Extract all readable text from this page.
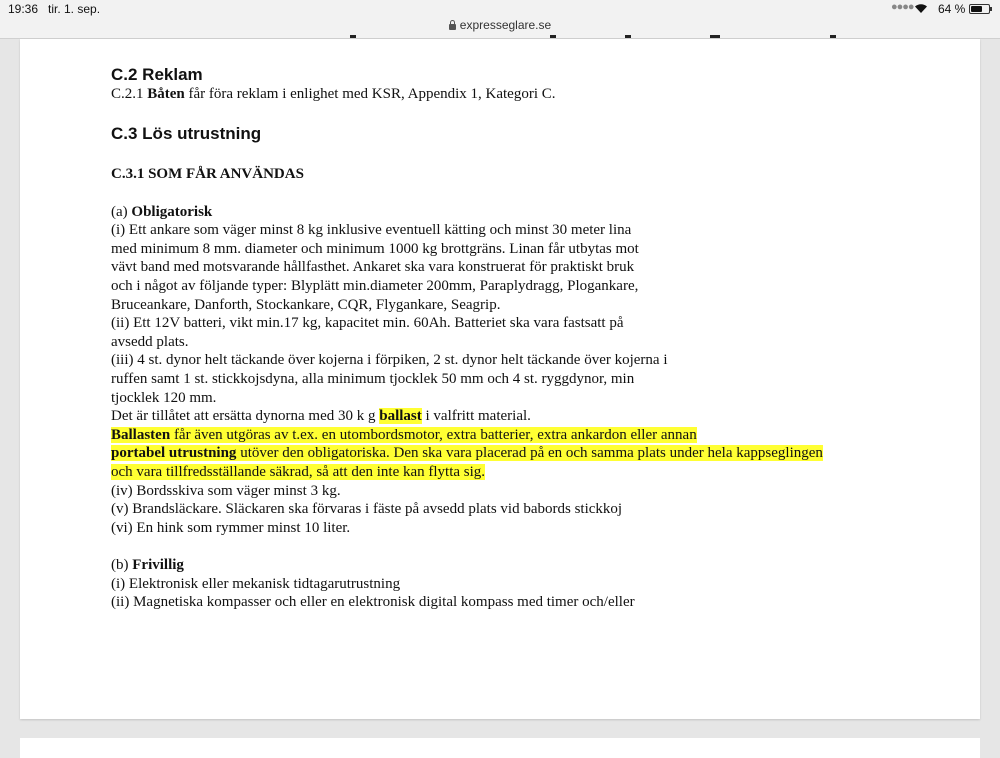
19:36 tir. 1. sep.	●●●● 64 %
expresseglare.se

C.2 Reklam

C.2.1 Båten får föra reklam i enlighet med KSR, Appendix 1, Kategori C.

C.3 Lös utrustning

C.3.1 SOM FÅR ANVÄNDAS

(a) Obligatorisk

(i) Ett ankare som väger minst 8 kg inklusive eventuell kätting och minst 30 meter lina

med minimum 8 mm. diameter och minimum 1000 kg brottgräns. Linan får utbytas mot

vävt band med motsvarande hållfasthet. Ankaret ska vara konstruerat för praktiskt bruk

och i något av följande typer: Blyplätt min.diameter 200mm, Paraplydragg, Plogankare,

Bruceankare, Danforth, Stockankare, CQR, Flygankare, Seagrip.

(ii) Ett 12V batteri, vikt min.17 kg, kapacitet min. 60Ah. Batteriet ska vara fastsatt på

avsedd plats.

(iii) 4 st. dynor helt täckande över kojerna i förpiken, 2 st. dynor helt täckande över kojerna i

ruffen samt 1 st. stickkojsdyna, alla minimum tjocklek 50 mm och 4 st. ryggdynor, min

tjocklek 120 mm.

Det är tillåtet att ersätta dynorna med 30 k g ballast i valfritt material.

Ballasten får även utgöras av t.ex. en utombordsmotor, extra batterier, extra ankardon eller annan

portabel utrustning utöver den obligatoriska. Den ska vara placerad på en och samma plats under hela kappseglingen

och vara tillfredsställande säkrad, så att den inte kan flytta sig.

(iv) Bordsskiva som väger minst 3 kg.

(v) Brandsläckare. Släckaren ska förvaras i fäste på avsedd plats vid babords stickkoj

(vi) En hink som rymmer minst 10 liter.

(b) Frivillig

(i) Elektronisk eller mekanisk tidtagarutrustning

(ii) Magnetiska kompasser och eller en elektronisk digital kompass med timer och/eller
